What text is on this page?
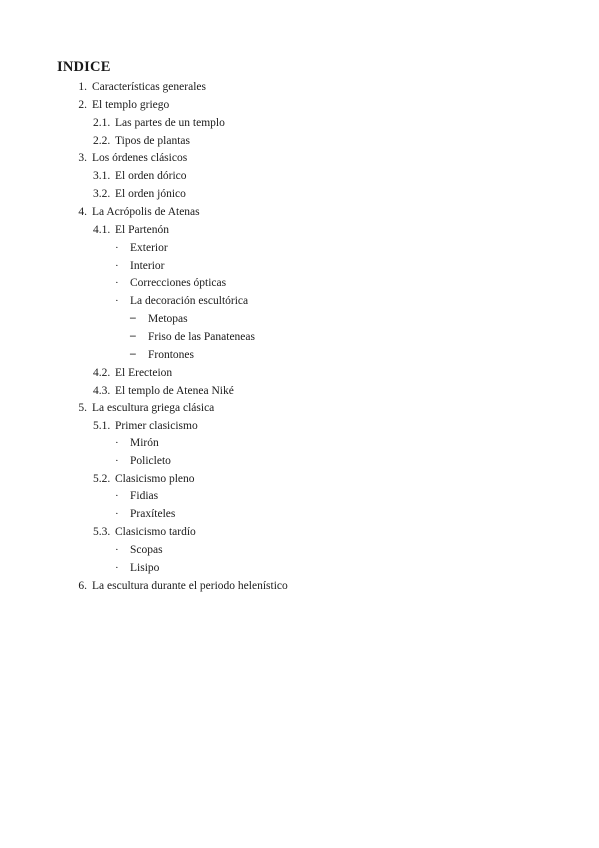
INDICE
1. Características generales
2. El templo griego
2.1. Las partes de un templo
2.2. Tipos de plantas
3. Los órdenes clásicos
3.1. El orden dórico
3.2. El orden jónico
4. La Acrópolis de Atenas
4.1. El Partenón
· Exterior
· Interior
· Correcciones ópticas
· La decoración escultórica
– Metopas
– Friso de las Panateneas
– Frontones
4.2. El Erecteion
4.3. El templo de Atenea Niké
5. La escultura griega clásica
5.1. Primer clasicismo
· Mirón
· Policleto
5.2. Clasicismo pleno
· Fidias
· Praxíteles
5.3. Clasicismo tardío
· Scopas
· Lisipo
6. La escultura durante el periodo helenístico
